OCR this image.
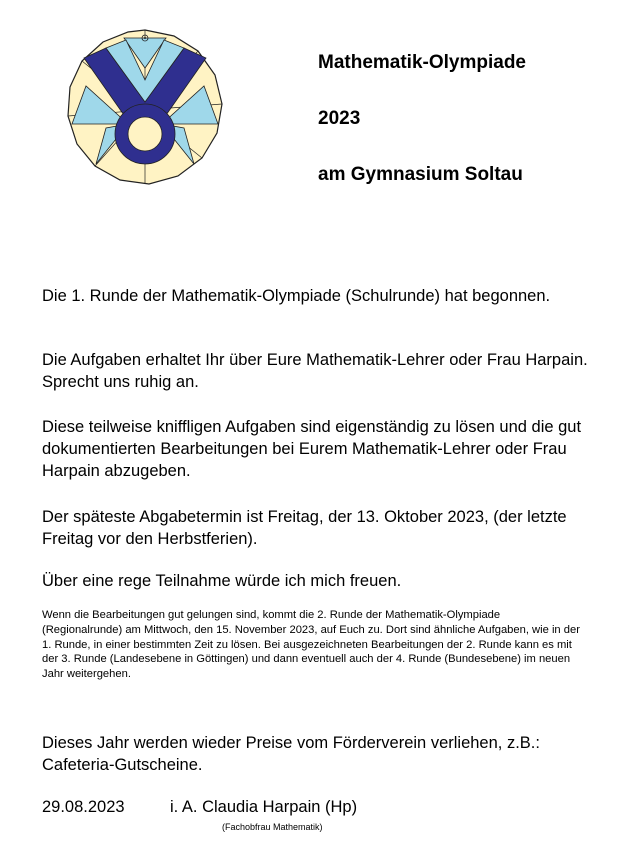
Mathematik-Olympiade

2023

am Gymnasium Soltau

Die 1. Runde der Mathematik-Olympiade (Schulrunde) hat begonnen.

Die Aufgaben erhaltet Ihr über Eure Mathematik-Lehrer oder Frau Harpain. Sprecht uns ruhig an.

Diese teilweise kniffligen Aufgaben sind eigenständig zu lösen und die gut dokumentierten Bearbeitungen bei Eurem Mathematik-Lehrer oder Frau Harpain abzugeben.

Der späteste Abgabetermin ist Freitag, der 13. Oktober 2023, (der letzte Freitag vor den Herbstferien).

Über eine rege Teilnahme würde ich mich freuen.

Wenn die Bearbeitungen gut gelungen sind, kommt die 2. Runde der Mathematik-Olympiade (Regionalrunde) am Mittwoch, den 15. November 2023, auf Euch zu. Dort sind ähnliche Aufgaben, wie in der 1. Runde, in einer bestimmten Zeit zu lösen. Bei ausgezeichneten Bearbeitungen der 2. Runde kann es mit der 3. Runde (Landesebene in Göttingen) und dann eventuell auch der 4. Runde (Bundesebene) im neuen Jahr weitergehen.

Dieses Jahr werden wieder Preise vom Förderverein verliehen, z.B.: Cafeteria-Gutscheine.

29.08.2023	i. A. Claudia Harpain (Hp)

(Fachobfrau Mathematik)
